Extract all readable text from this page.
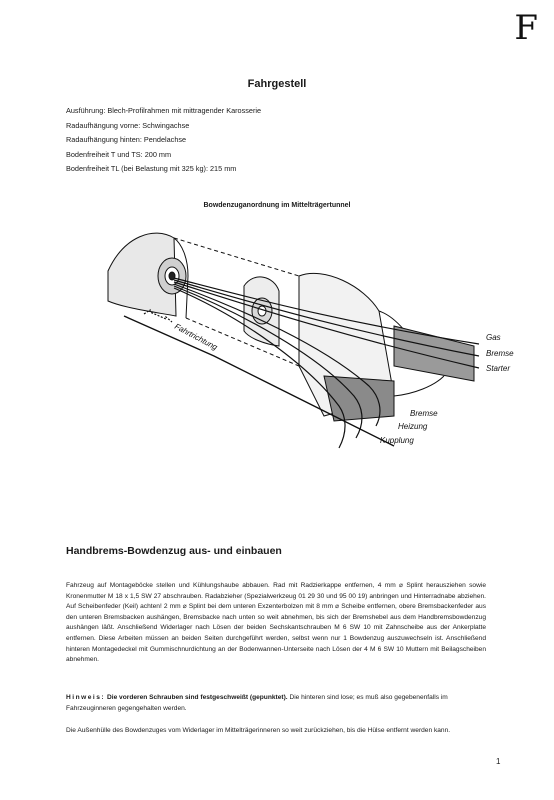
F
Fahrgestell
Ausführung: Blech-Profilrahmen mit mittragender Karosserie
Radaufhängung vorne: Schwingachse
Radaufhängung hinten: Pendelachse
Bodenfreiheit T und TS: 200 mm
Bodenfreiheit TL (bei Belastung mit 325 kg): 215 mm
Bowdenzuganordnung im Mittelträgertunnel
Gas
Bremse
Starter
Bremse
Heizung
Kupplung
Fahrtrichtung
Handbrems-Bowdenzug aus- und einbauen
Fahrzeug auf Montageböcke stellen und Kühlungshaube abbauen. Rad mit Radzierkappe entfernen, 4 mm ⌀ Splint herausziehen sowie Kronenmutter M 18 x 1,5 SW 27 abschrauben. Radabzieher (Spezialwerkzeug 01 29 30 und 95 00 19) anbringen und Hinterradnabe abziehen. Auf Scheibenfeder (Keil) achten! 2 mm ⌀ Splint bei dem unteren Exzenterbolzen mit 8 mm ⌀ Scheibe entfernen, obere Bremsbackenfeder aus den unteren Bremsbacken aushängen, Bremsbacke nach unten so weit abnehmen, bis sich der Bremshebel aus dem Handbremsbowdenzug aushängen läßt. Anschließend Widerlager nach Lösen der beiden Sechskantschrauben M 6 SW 10 mit Zahnscheibe aus der Ankerplatte entfernen. Diese Arbeiten müssen an beiden Seiten durchgeführt werden, selbst wenn nur 1 Bowdenzug auszuwechseln ist. Anschließend hinteren Montagedeckel mit Gummischnurdichtung an der Bodenwannen-Unterseite nach Lösen der 4 M 6 SW 10 Muttern mit Beilagscheiben abnehmen.
Hinweis: Die vorderen Schrauben sind festgeschweißt (gepunktet). Die hinteren sind lose; es muß also gegebenenfalls im Fahrzeuginneren gegengehalten werden.
Die Außenhülle des Bowdenzuges vom Widerlager im Mittelträgerinneren so weit zurückziehen, bis die Hülse entfernt werden kann.
1
